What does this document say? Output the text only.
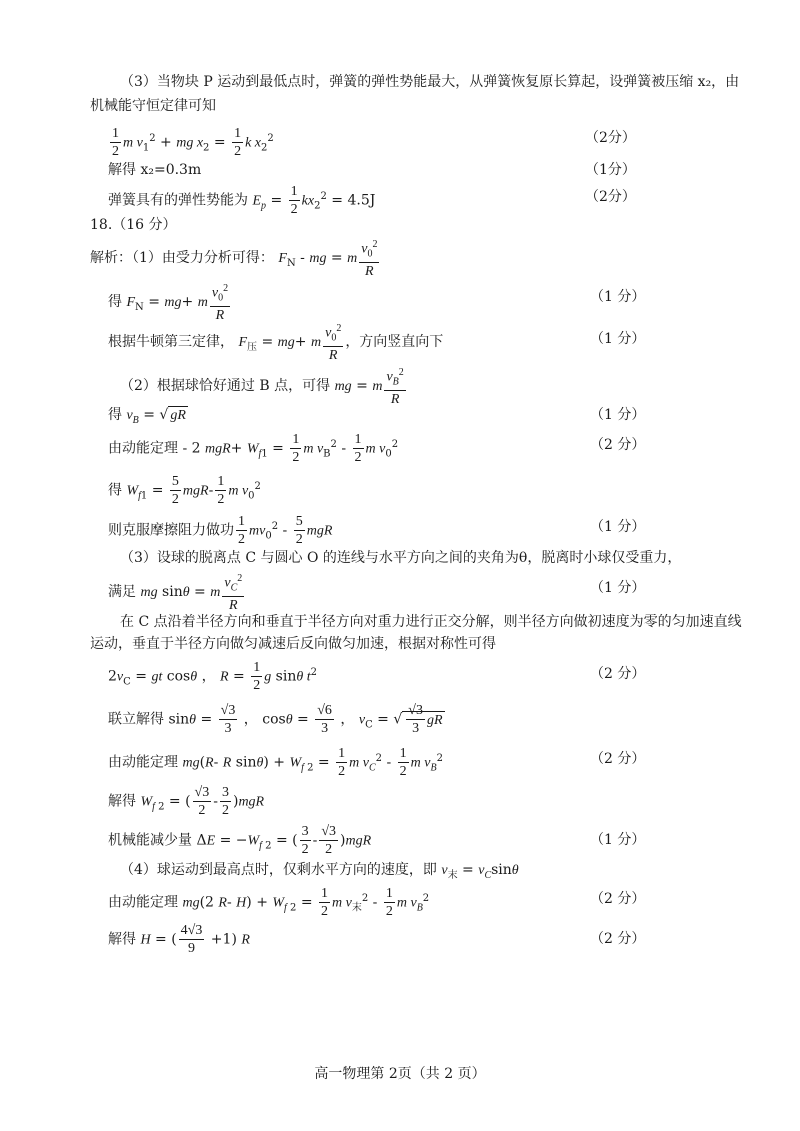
（3）当物块 P 运动到最低点时，弹簧的弹性势能最大，从弹簧恢复原长算起，设弹簧被压缩 x₂，由
机械能守恒定律可知
$\frac{1}{2}$ m $v_1^2$ + mg $x_2 = \frac{1}{2}$ k $x_2^2$	（2分）
解得 x₂=0.3m	（1分）
弹簧具有的弹性势能为 $E_p = \frac{1}{2} kx_2^2 = 4.5J$	（2分）
18.（16 分）
解析：（1）由受力分析可得： $F_N$ - mg = m $\frac{v_0^2}{R}$
得 $F_N = mg+ m \frac{v_0^2}{R}$	（1 分）
根据牛顿第三定律， $F_压 = mg+ m \frac{v_0^2}{R}$ ，方向竖直向下	（1 分）
（2）根据球恰好通过 B 点，可得 mg = m $\frac{v_B^2}{R}$
得 $v_B$ = √ gR	（1 分）
由动能定理 - 2 $mgR+ W_{f1} = \frac{1}{2}$ m $v_B^2 - \frac{1}{2}$ m $v_0^2$	（2 分）
得 $W_{f1} = \frac{5}{2} mgR- \frac{1}{2}$ m $v_0^2$
则克服摩擦阻力做功 $\frac{1}{2} mv_0^2 - \frac{5}{2}$ mgR	（1 分）
（3）设球的脱离点 C 与圆心 O 的连线与水平方向之间的夹角为θ，脱离时小球仅受重力，
满足 mg sinθ = m $\frac{v_C^2}{R}$	（1 分）
在 C 点沿着半径方向和垂直于半径方向对重力进行正交分解，则半径方向做初速度为零的匀加速直线
运动，垂直于半径方向做匀减速后反向做匀加速，根据对称性可得
$2v_C$ = gt cosθ ， $R = \frac{1}{2}$ g sinθ $t^2$	（2 分）
联立解得 $\sin\theta = \frac{√3}{3}$ ， $\cos\theta = \frac{√6}{3}$ ， $v_C$ = √ $\frac{√3}{3}$ gR
由动能定理 mg(R- R $\sin\theta) + W_{f 2} = \frac{1}{2}$ m $v_C^2 - \frac{1}{2}$ m $v_B^2$	（2 分）
解得 $W_{f 2}$ = ( $\frac{√3}{2} - \frac{3}{2} )mgR$
机械能减少量 $\Delta E = -W_{f 2}$ = ( $\frac{3}{2} - \frac{√3}{2} )mgR$	（1 分）
（4）球运动到最高点时，仅剩水平方向的速度，即 $v_末 = v_C\sin\theta$
由动能定理 mg(2 R- $H) + W_{f 2} = \frac{1}{2}$ m $v_末^2 - \frac{1}{2}$ m $v_B^2$	（2 分）
解得 H = ( $\frac{4√3}{9} +1$) R	（2 分）
高一物理第 2页（共 2 页）
